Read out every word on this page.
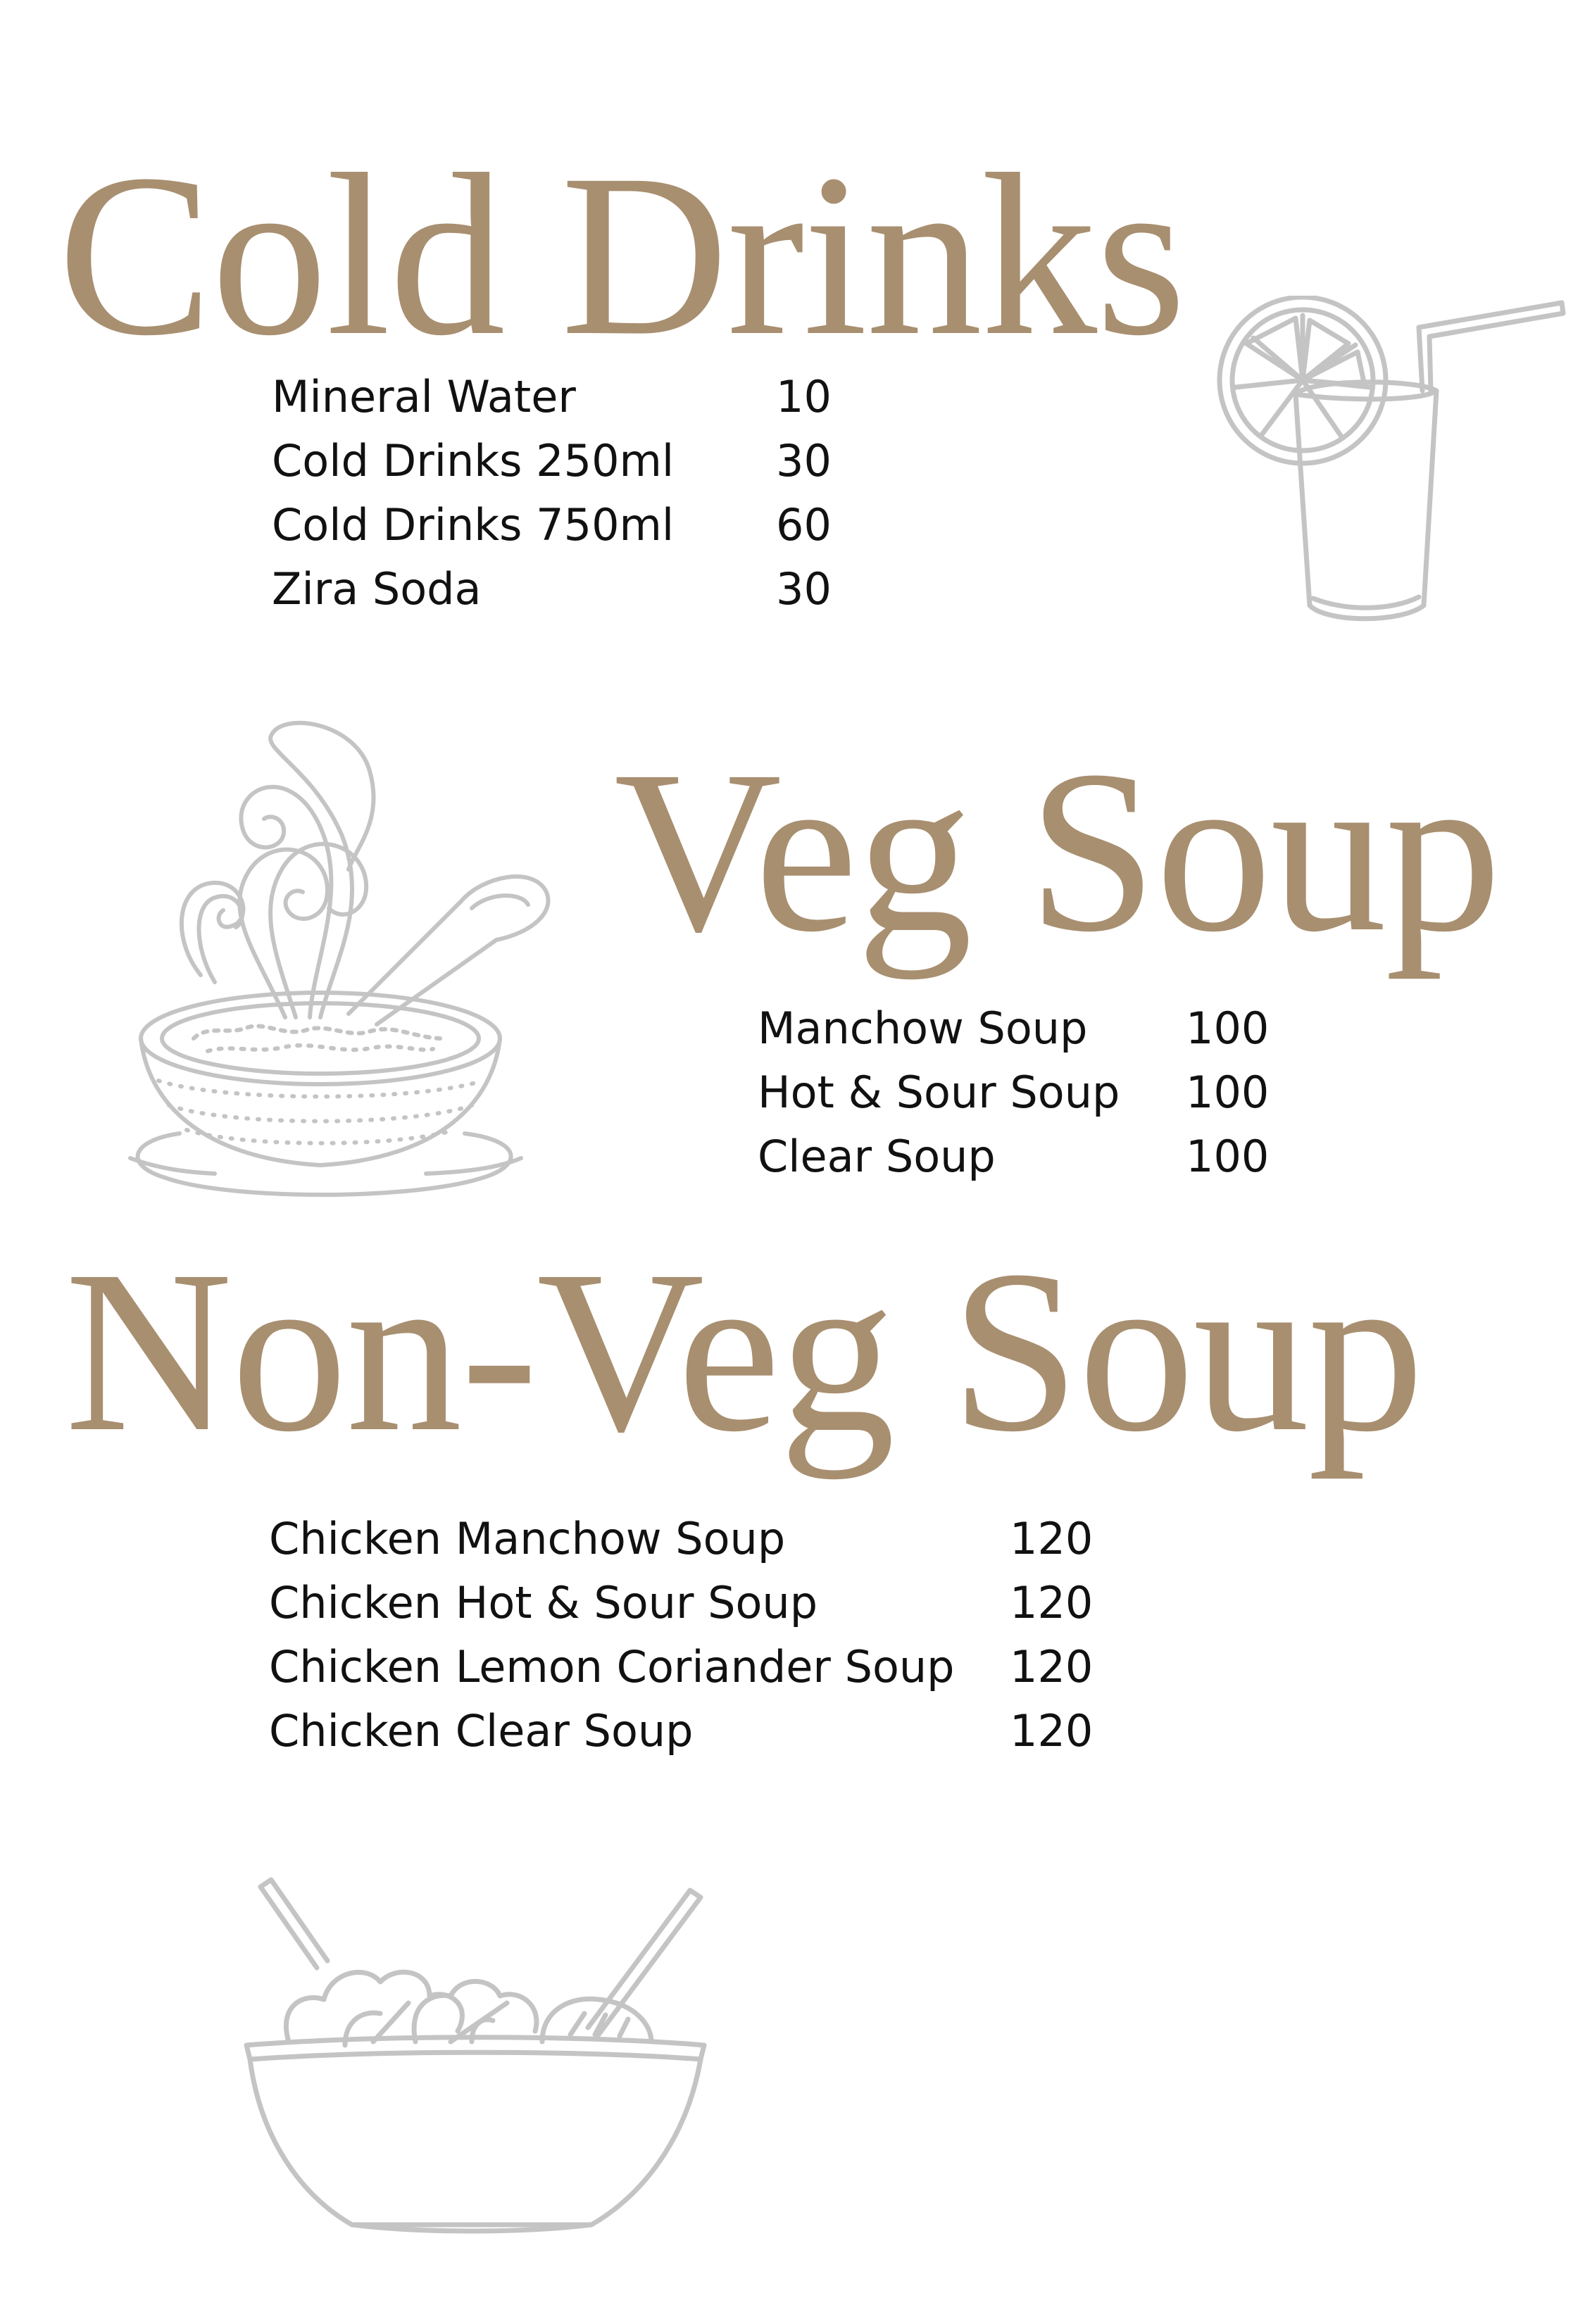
Cold Drinks
Mineral Water	10
Cold Drinks 250ml 30
Cold Drinks 750ml 60
Zira Soda	30
Veg Soup
Manchow Soup 100
Hot & Sour Soup 100
Clear Soup	100
Non-Veg Soup
Chicken Manchow Soup	120
Chicken Hot & Sour Soup	120
Chicken Lemon Coriander Soup 120
Chicken Clear Soup	120
